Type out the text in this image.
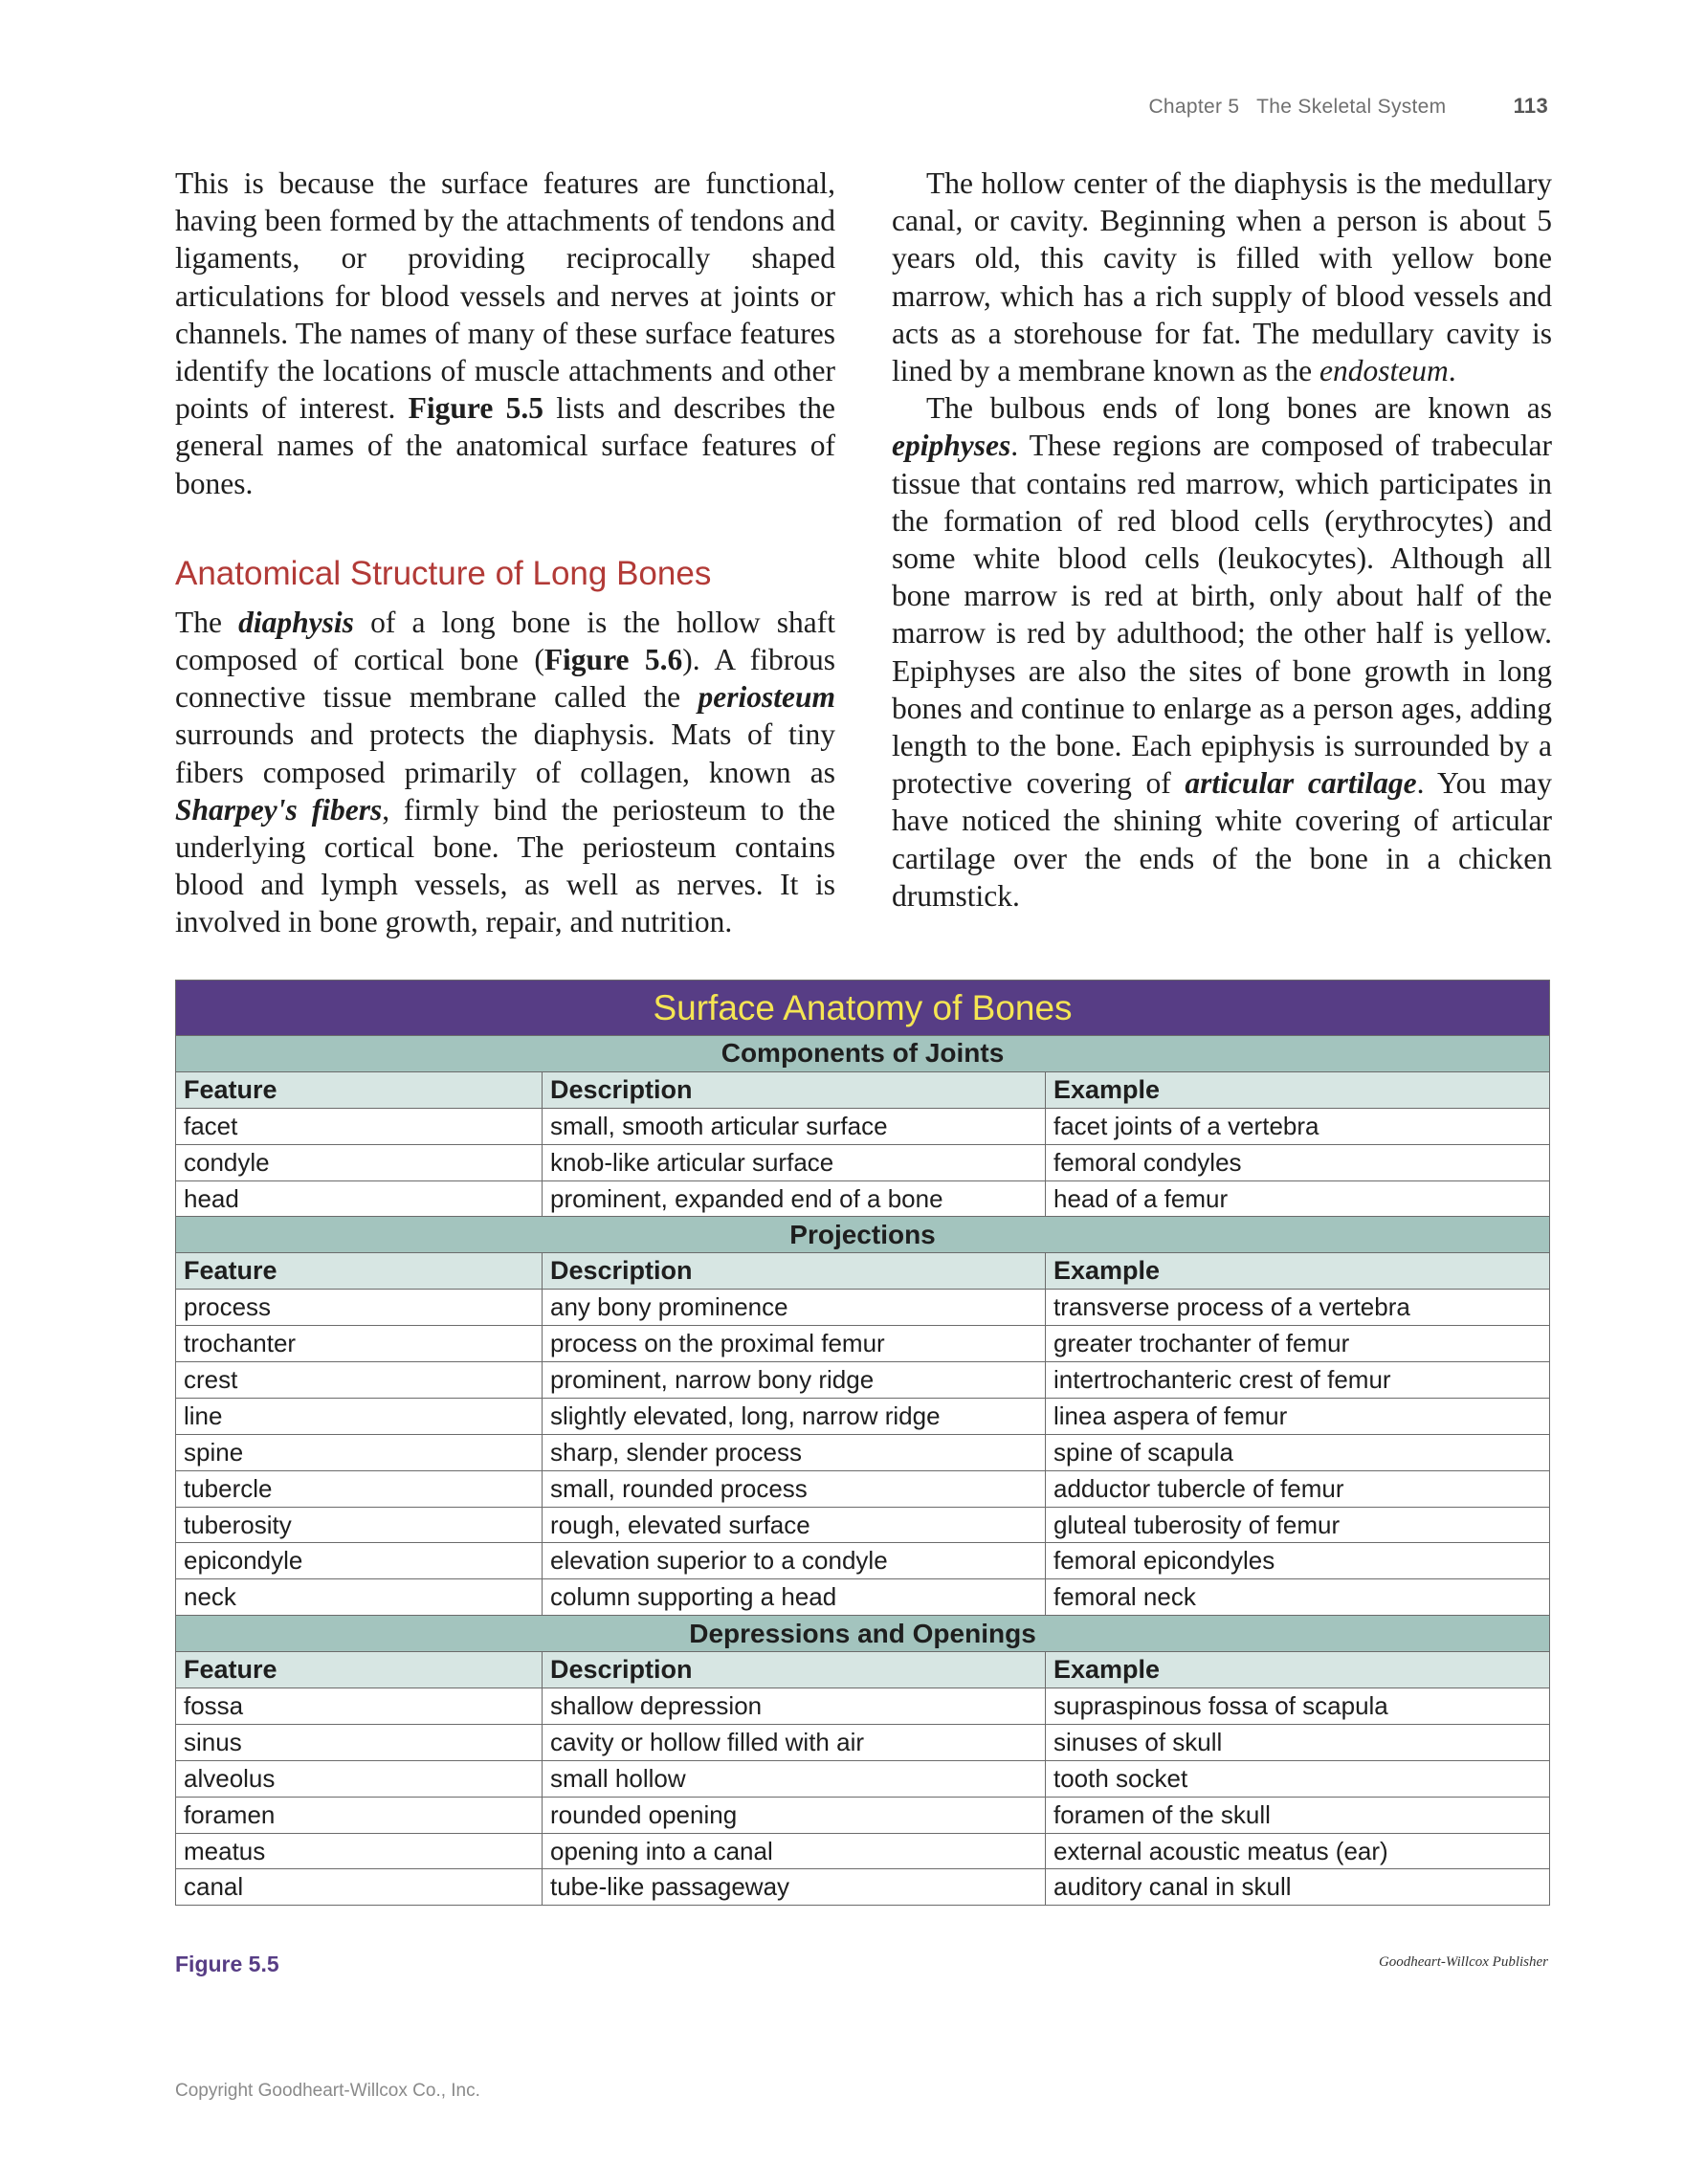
Chapter 5 The Skeletal System	113

This is because the surface features are functional, having been formed by the attachments of tendons and ligaments, or providing reciprocally shaped articulations for blood vessels and nerves at joints or channels. The names of many of these surface features identify the locations of muscle attachments and other points of interest. Figure 5.5 lists and describes the general names of the anatomical surface features of bones.

Anatomical Structure of Long Bones

The diaphysis of a long bone is the hollow shaft composed of cortical bone (Figure 5.6). A fibrous connective tissue membrane called the periosteum surrounds and protects the diaphysis. Mats of tiny fibers composed primarily of collagen, known as Sharpey's fibers, firmly bind the periosteum to the underlying cortical bone. The periosteum contains blood and lymph vessels, as well as nerves. It is involved in bone growth, repair, and nutrition.

The hollow center of the diaphysis is the medullary canal, or cavity. Beginning when a person is about 5 years old, this cavity is filled with yellow bone marrow, which has a rich supply of blood vessels and acts as a storehouse for fat. The medullary cavity is lined by a membrane known as the endosteum.

The bulbous ends of long bones are known as epiphyses. These regions are composed of trabecular tissue that contains red marrow, which participates in the formation of red blood cells (erythrocytes) and some white blood cells (leukocytes). Although all bone marrow is red at birth, only about half of the marrow is red by adulthood; the other half is yellow. Epiphyses are also the sites of bone growth in long bones and continue to enlarge as a person ages, adding length to the bone. Each epiphysis is surrounded by a protective covering of articular cartilage. You may have noticed the shining white covering of articular cartilage over the ends of the bone in a chicken drumstick.

Surface Anatomy of Bones		
Components of Joints		
Feature	Description	Example
facet	small, smooth articular surface	facet joints of a vertebra
condyle	knob-like articular surface	femoral condyles
head	prominent, expanded end of a bone	head of a femur
Projections		
Feature	Description	Example
process	any bony prominence	transverse process of a vertebra
trochanter	process on the proximal femur	greater trochanter of femur
crest	prominent, narrow bony ridge	intertrochanteric crest of femur
line	slightly elevated, long, narrow ridge	linea aspera of femur
spine	sharp, slender process	spine of scapula
tubercle	small, rounded process	adductor tubercle of femur
tuberosity	rough, elevated surface	gluteal tuberosity of femur
epicondyle	elevation superior to a condyle	femoral epicondyles
neck	column supporting a head	femoral neck
Depressions and Openings		
Feature	Description	Example
fossa	shallow depression	supraspinous fossa of scapula
sinus	cavity or hollow filled with air	sinuses of skull
alveolus	small hollow	tooth socket
foramen	rounded opening	foramen of the skull
meatus	opening into a canal	external acoustic meatus (ear)
canal	tube-like passageway	auditory canal in skull
Figure 5.5	Goodheart-Willcox Publisher
Copyright Goodheart-Willcox Co., Inc.
